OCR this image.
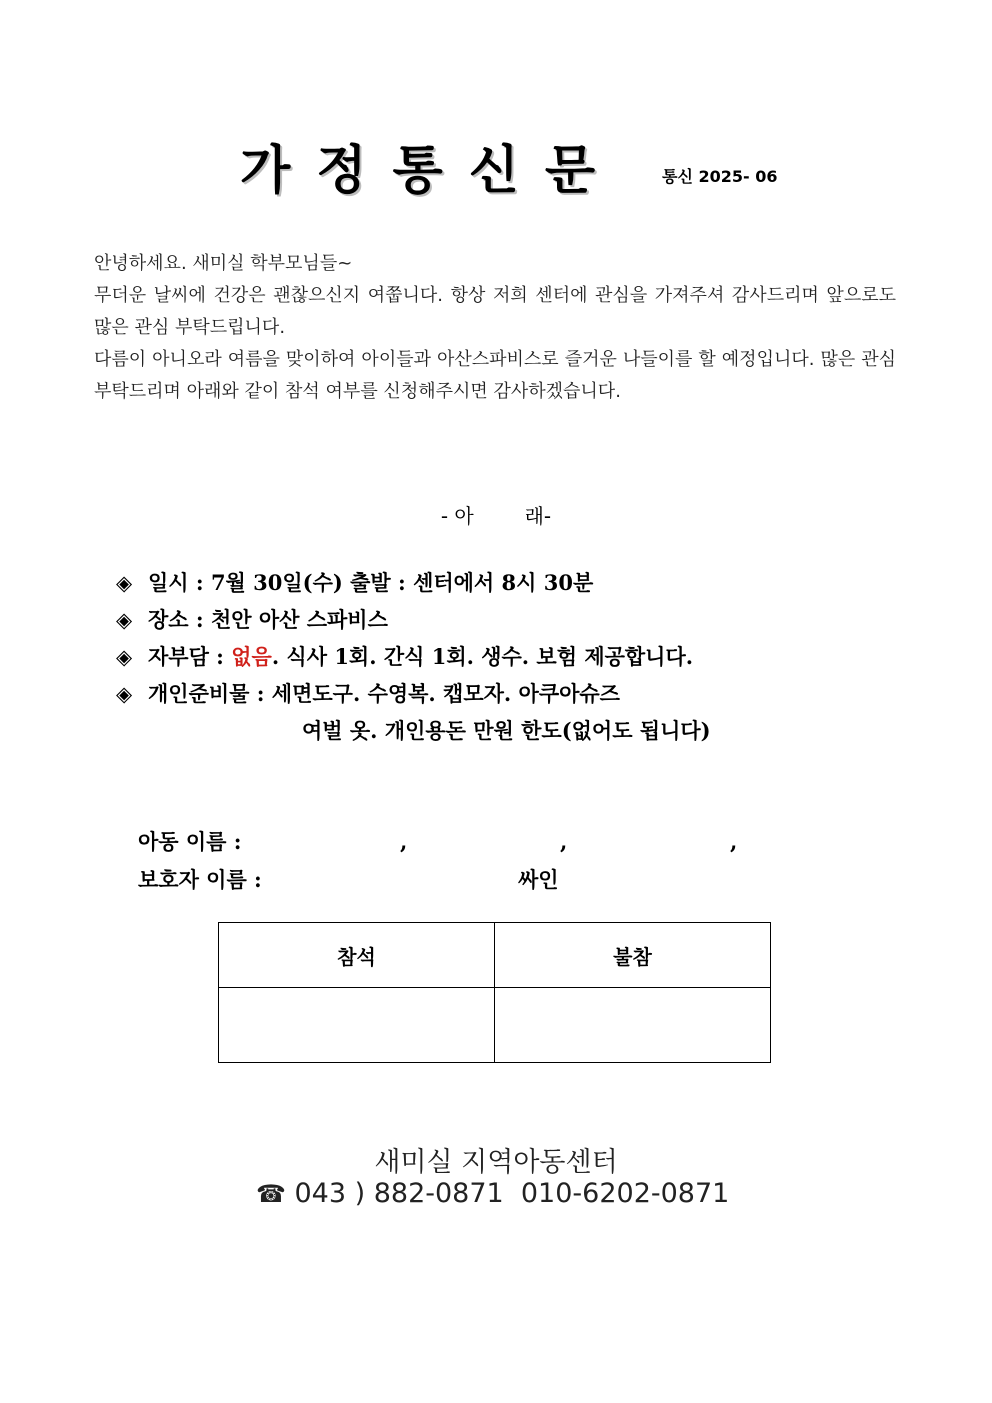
가정통신문	통신 2025- 06

안녕하세요. 새미실 학부모님들~

무더운 날씨에 건강은 괜찮으신지 여쭙니다. 항상 저희 센터에 관심을 가져주셔 감사드리며 앞으로도 많은 관심 부탁드립니다.

다름이 아니오라 여름을 맞이하여 아이들과 아산스파비스로 즐거운 나들이를 할 예정입니다. 많은 관심 부탁드리며 아래와 같이 참석 여부를 신청해주시면 감사하겠습니다.

- 아        래-
◈ 일시 : 7월 30일(수) 출발 : 센터에서 8시 30분
◈ 장소 : 천안 아산 스파비스
◈ 자부담 : 없음. 식사 1회. 간식 1회. 생수. 보험 제공합니다.
◈ 개인준비물 : 세면도구. 수영복. 캡모자. 아쿠아슈즈
여벌 옷. 개인용돈 만원 한도(없어도 됩니다)
아동 이름 :	,	,	,
보호자 이름 :	싸인
참석	불참

새미실 지역아동센터
☎ 043 ) 882-0871  010-6202-0871
